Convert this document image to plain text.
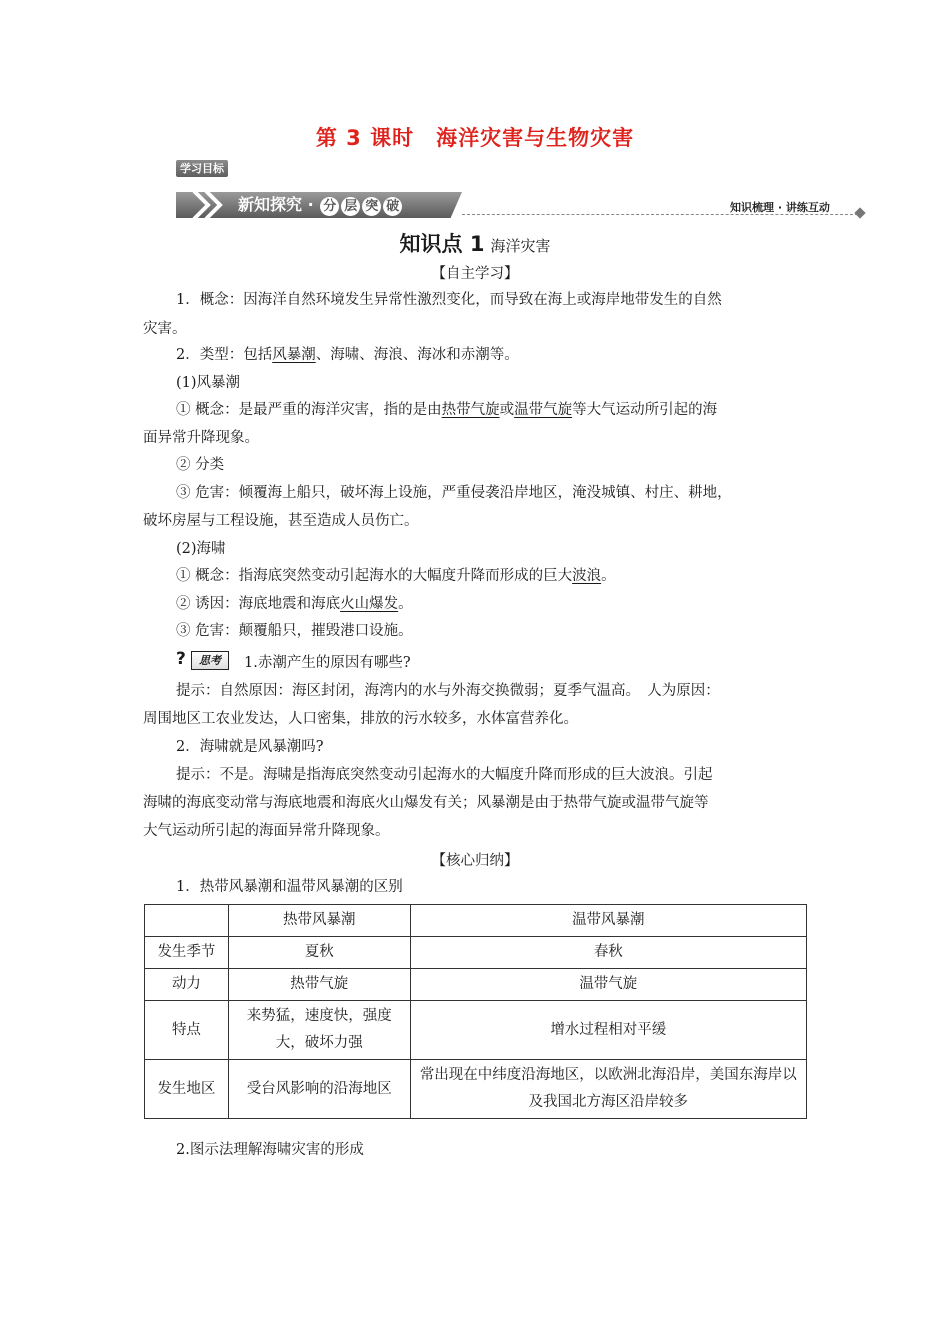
第 3 课时　海洋灾害与生物灾害
学习目标
新知探究 · 分 层 突 破	知识梳理 · 讲练互动
知识点 1 海洋灾害
【自主学习】
1．概念：因海洋自然环境发生异常性激烈变化，而导致在海上或海岸地带发生的自然
灾害。
2．类型：包括风暴潮、海啸、海浪、海冰和赤潮等。
(1)风暴潮
① 概念：是最严重的海洋灾害，指的是由热带气旋或温带气旋等大气运动所引起的海
面异常升降现象。
② 分类
③ 危害：倾覆海上船只，破坏海上设施，严重侵袭沿岸地区，淹没城镇、村庄、耕地，
破坏房屋与工程设施，甚至造成人员伤亡。
(2)海啸
① 概念：指海底突然变动引起海水的大幅度升降而形成的巨大波浪。
② 诱因：海底地震和海底火山爆发。
③ 危害：颠覆船只，摧毁港口设施。
?	思考	1.赤潮产生的原因有哪些?
提示：自然原因：海区封闭，海湾内的水与外海交换微弱；夏季气温高。　人为原因：
周围地区工农业发达，人口密集，排放的污水较多，水体富营养化。
2．海啸就是风暴潮吗?
提示：不是。海啸是指海底突然变动引起海水的大幅度升降而形成的巨大波浪。引起
海啸的海底变动常与海底地震和海底火山爆发有关；风暴潮是由于热带气旋或温带气旋等
大气运动所引起的海面异常升降现象。
【核心归纳】
1．热带风暴潮和温带风暴潮的区别
	热带风暴潮	温带风暴潮
发生季节	夏秋	春秋
动力	热带气旋	温带气旋
特点	来势猛，速度快，强度大，破坏力强	增水过程相对平缓
发生地区	受台风影响的沿海地区	常出现在中纬度沿海地区，以欧洲北海沿岸，美国东海岸以及我国北方海区沿岸较多
2.图示法理解海啸灾害的形成
